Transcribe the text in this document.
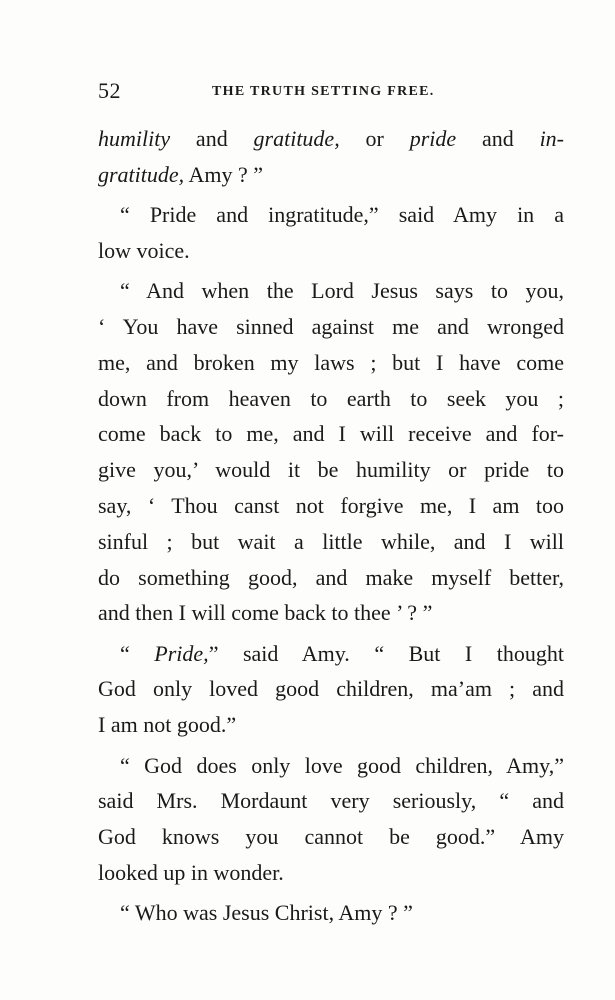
52	THE TRUTH SETTING FREE.
humility and gratitude, or pride and in-
gratitude, Amy ? ”
“ Pride and ingratitude,” said Amy in a
low voice.
“ And when the Lord Jesus says to you,
‘ You have sinned against me and wronged
me, and broken my laws ; but I have come
down from heaven to earth to seek you ;
come back to me, and I will receive and for-
give you,’ would it be humility or pride to
say, ‘ Thou canst not forgive me, I am too
sinful ; but wait a little while, and I will
do something good, and make myself better,
and then I will come back to thee ’ ? ”
“ Pride,” said Amy. “ But I thought
God only loved good children, ma’am ; and
I am not good.”
“ God does only love good children, Amy,”
said Mrs. Mordaunt very seriously, “ and
God knows you cannot be good.” Amy
looked up in wonder.
“ Who was Jesus Christ, Amy ? ”
